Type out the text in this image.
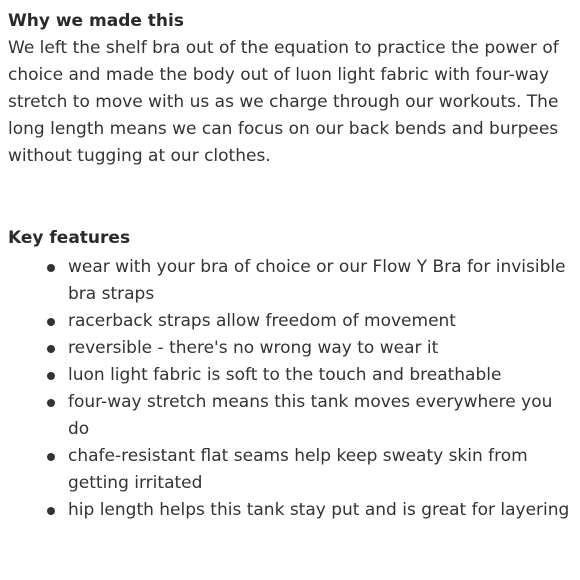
Why we made this

We left the shelf bra out of the equation to practice the power of choice and made the body out of luon light fabric with four-way stretch to move with us as we charge through our workouts. The long length means we can focus on our back bends and burpees without tugging at our clothes.

Key features
wear with your bra of choice or our Flow Y Bra for invisible bra straps
racerback straps allow freedom of movement
reversible - there's no wrong way to wear it
luon light fabric is soft to the touch and breathable
four-way stretch means this tank moves everywhere you do
chafe-resistant flat seams help keep sweaty skin from getting irritated
hip length helps this tank stay put and is great for layering
